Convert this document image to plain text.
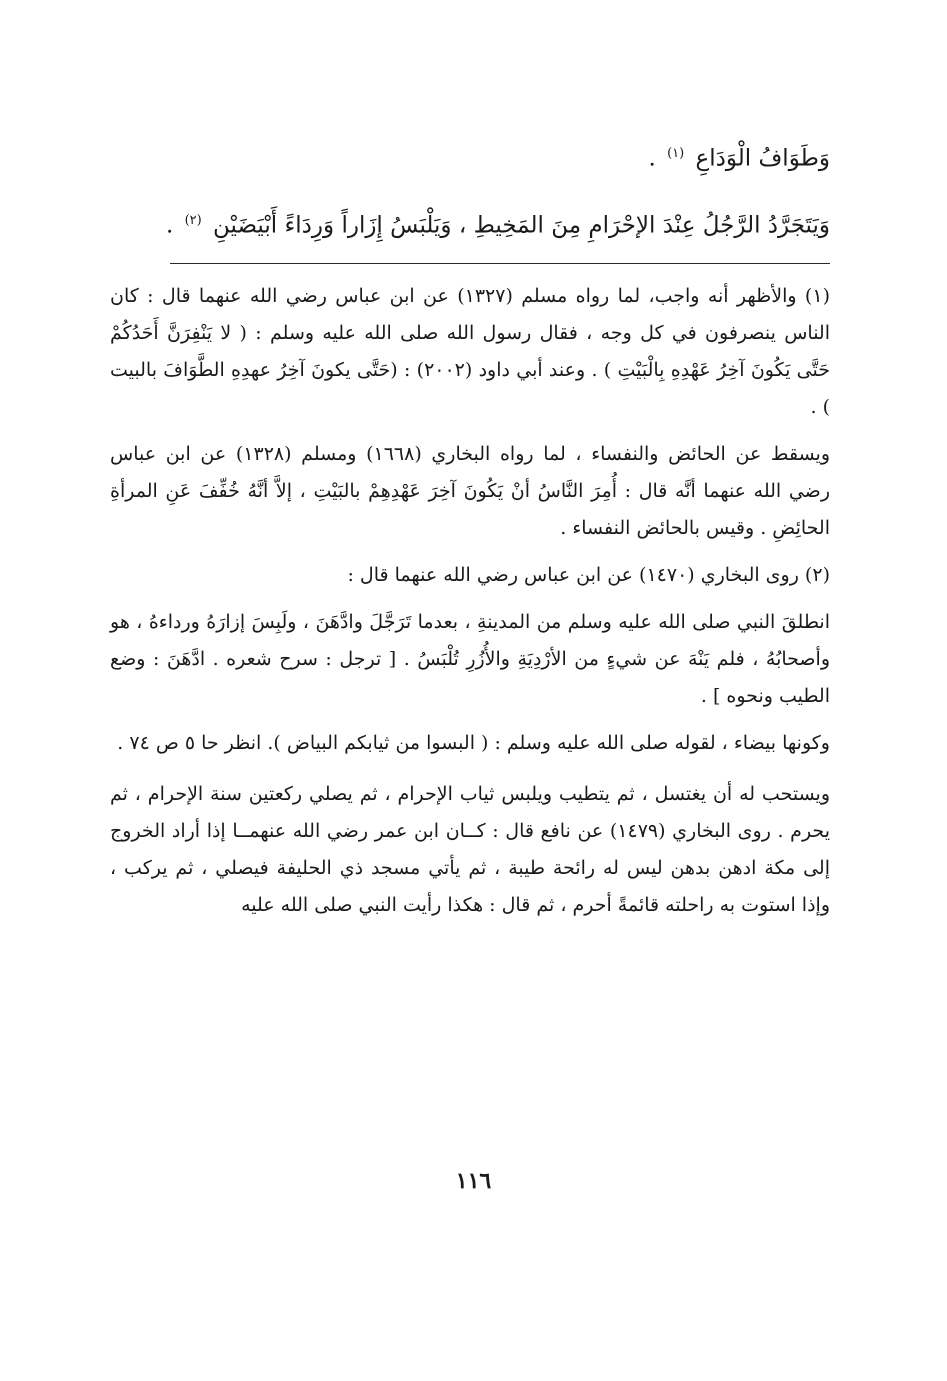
وَطَوَافُ الْوَدَاعِ $^{(١)}$ .

وَيَتَجَرَّدُ الرَّجُلُ عِنْدَ الإحْرَامِ مِنَ المَخِيطِ ، وَيَلْبَسُ إِزَاراً وَرِدَاءً أَبْيَضَيْنِ $^{(٢)}$ .

(١) والأظهر أنه واجب، لما رواه مسلم (١٣٢٧) عن ابن عباس رضي الله عنهما قال : كان الناس ينصرفون في كل وجه ، فقال رسول الله صلى الله عليه وسلم : ( لا يَنْفِرَنَّ أَحَدُكُمْ حَتَّى يَكُونَ آخِرُ عَهْدِهِ بِالْبَيْتِ ) . وعند أبي داود (٢٠٠٢) : (حَتَّى يكونَ آخِرُ عهدِهِ الطَّوَافَ بالبيت ) .

ويسقط عن الحائض والنفساء ، لما رواه البخاري (١٦٦٨) ومسلم (١٣٢٨) عن ابن عباس رضي الله عنهما أنَّه قال : أُمِرَ النَّاسُ أنْ يَكُونَ آخِرَ عَهْدِهِمْ بالبَيْتِ ، إلاَّ أنَّهُ خُفِّفَ عَنِ المرأةِ الحائِضِ . وقيس بالحائض النفساء .

(٢) روى البخاري (١٤٧٠) عن ابن عباس رضي الله عنهما قال :

انطلقَ النبي صلى الله عليه وسلم من المدينةِ ، بعدما تَرَجَّلَ وادَّهَنَ ، ولَبِسَ إزارَهُ ورداءهُ ، هو وأصحابُهُ ، فلم يَنْهَ عن شيءٍ من الأرْدِيَةِ والأُزُرِ تُلْبَسُ . [ ترجل : سرح شعره . ادَّهَنَ : وضع الطيب ونحوه ] .

وكونها بيضاء ، لقوله صلى الله عليه وسلم : ( البسوا من ثيابكم البياض ). انظر حا ٥ ص ٧٤ .

ويستحب له أن يغتسل ، ثم يتطيب ويلبس ثياب الإحرام ، ثم يصلي ركعتين سنة الإحرام ، ثم يحرم . روى البخاري (١٤٧٩) عن نافع قال : كــان ابن عمر رضي الله عنهمــا إذا أراد الخروج إلى مكة ادهن بدهن ليس له رائحة طيبة ، ثم يأتي مسجد ذي الحليفة فيصلي ، ثم يركب ، وإذا استوت به راحلته قائمةً أحرم ، ثم قال : هكذا رأيت النبي صلى الله عليه

١١٦
